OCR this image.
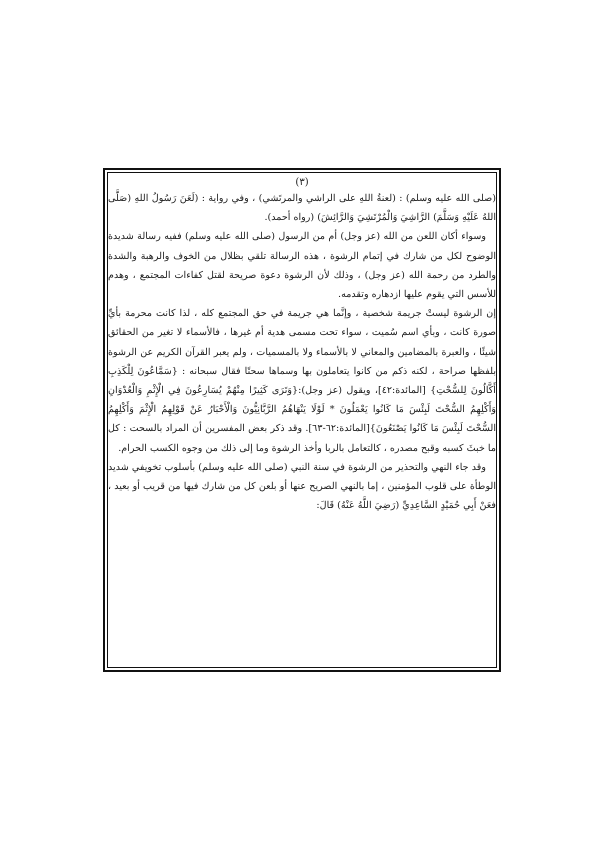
(٣)

(صلى الله عليه وسلم) : (لعنةُ اللهِ على الراشي والمرتَشي) ، وفي رواية : (لَعَنَ رَسُولُ اللهِ (صَلَّى اللهُ عَلَيْهِ وَسَلَّمَ) الرَّاشِيَ وَالْمُرْتَشِيَ وَالرَّائِشَ) (رواه أحمد).

وسواء أكان اللعن من الله (عز وجل) أم من الرسول (صلى الله عليه وسلم) ففيه رسالة شديدة الوضوح لكل من شارك في إتمام الرشوة ، هذه الرسالة تلقي بظلال من الخوف والرهبة والشدة والطرد من رحمة الله (عز وجل) ، وذلك لأن الرشوة دعوة صريحة لقتل كفاءات المجتمع ، وهدم للأسس التي يقوم عليها ازدهاره وتقدمه.

إن الرشوة ليستْ جريمة شخصية ، وإنَّما هي جريمة في حق المجتمع كله ، لذا كانت محرمة بأيِّ صورة كانت ، وبأي اسم سُميت ، سواء تحت مسمى هدية أم غيرها ، فالأسماء لا تغير من الحقائق شيئًا ، والعبرة بالمضامين والمعاني لا بالأسماء ولا بالمسميات ، ولم يعبر القرآن الكريم عن الرشوة بلفظها صراحة ، لكنه ذكم من كانوا يتعاملون بها وسماها سحتًا فقال سبحانه : {سَمَّاعُونَ لِلْكَذِبِ أَكَّالُونَ لِلسُّحْتِ} [المائدة:٤٢]، ويقول (عز وجل):{وَتَرَى كَثِيرًا مِنْهُمْ يُسَارِعُونَ فِي الْإِثْمِ وَالْعُدْوَانِ وَأَكْلِهِمُ السُّحْتَ لَبِئْسَ مَا كَانُوا يَعْمَلُونَ * لَوْلَا يَنْهَاهُمُ الرَّبَّانِيُّونَ وَالْأَحْبَارُ عَنْ قَوْلِهِمُ الْإِثْمَ وَأَكْلِهِمُ السُّحْتَ لَبِئْسَ مَا كَانُوا يَصْنَعُونَ}[المائدة:٦٢-٦٣]. وقد ذكر بعض المفسرين أن المراد بالسحت : كل ما خبثَ كسبه وقبح مصدره ، كالتعامل بالربا وأخذ الرشوة وما إلى ذلك من وجوه الكسب الحرام.

وقد جاء النهي والتحذير من الرشوة في سنة النبي (صلى الله عليه وسلم) بأسلوب تخويفي شديد الوطأة على قلوب المؤمنين ، إما بالنهي الصريح عنها أو بلعن كل من شارك فيها من قريب أو بعيد ، فعَنْ أَبِي حُمَيْدٍ السَّاعِدِيِّ (رَضِيَ اللَّهُ عَنْهُ) قَالَ:
